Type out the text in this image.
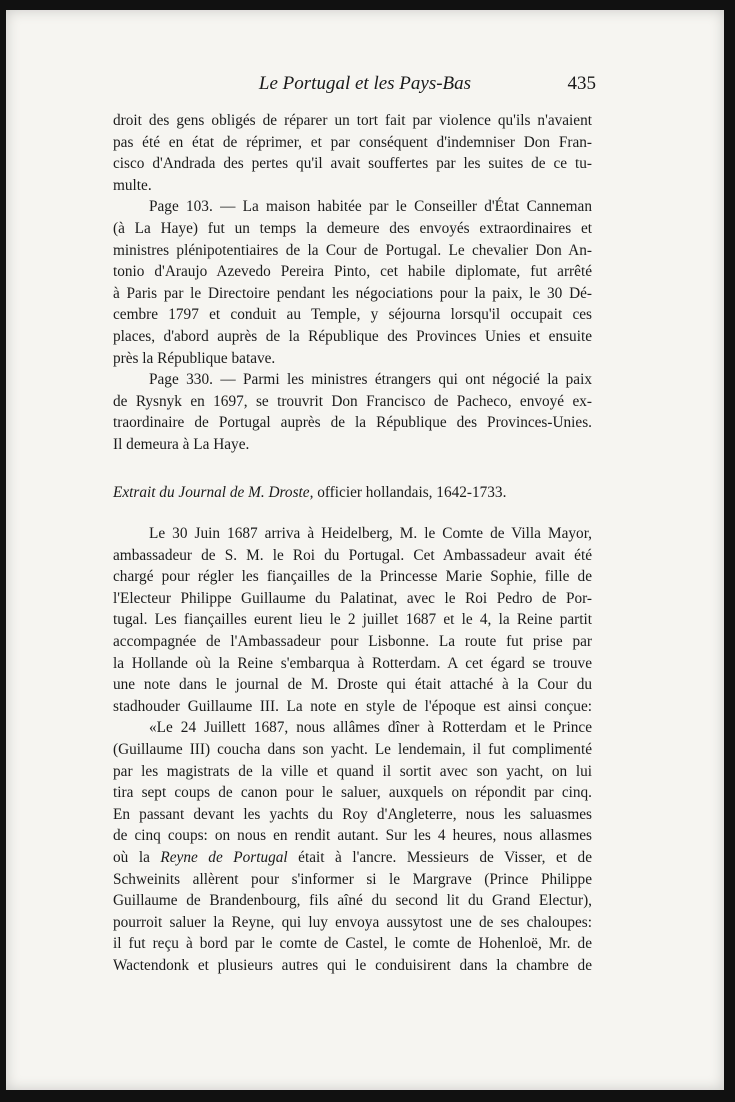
Le Portugal et les Pays-Bas	435

droit des gens obligés de réparer un tort fait par violence qu'ils n'avaient
pas été en état de réprimer, et par conséquent d'indemniser Don Fran-
cisco d'Andrada des pertes qu'il avait souffertes par les suites de ce tu-
multe.

Page 103. — La maison habitée par le Conseiller d'État Canneman
(à La Haye) fut un temps la demeure des envoyés extraordinaires et
ministres plénipotentiaires de la Cour de Portugal. Le chevalier Don An-
tonio d'Araujo Azevedo Pereira Pinto, cet habile diplomate, fut arrêté
à Paris par le Directoire pendant les négociations pour la paix, le 30 Dé-
cembre 1797 et conduit au Temple, y séjourna lorsqu'il occupait ces
places, d'abord auprès de la République des Provinces Unies et ensuite
près la République batave.

Page 330. — Parmi les ministres étrangers qui ont négocié la paix
de Rysnyk en 1697, se trouvrit Don Francisco de Pacheco, envoyé ex-
traordinaire de Portugal auprès de la République des Provinces-Unies.
Il demeura à La Haye.

Extrait du Journal de M. Droste, officier hollandais, 1642-1733.

Le 30 Juin 1687 arriva à Heidelberg, M. le Comte de Villa Mayor,
ambassadeur de S. M. le Roi du Portugal. Cet Ambassadeur avait été
chargé pour régler les fiançailles de la Princesse Marie Sophie, fille de
l'Electeur Philippe Guillaume du Palatinat, avec le Roi Pedro de Por-
tugal. Les fiançailles eurent lieu le 2 juillet 1687 et le 4, la Reine partit
accompagnée de l'Ambassadeur pour Lisbonne. La route fut prise par
la Hollande où la Reine s'embarqua à Rotterdam. A cet égard se trouve
une note dans le journal de M. Droste qui était attaché à la Cour du
stadhouder Guillaume III. La note en style de l'époque est ainsi conçue:

«Le 24 Juillett 1687, nous allâmes dîner à Rotterdam et le Prince
(Guillaume III) coucha dans son yacht. Le lendemain, il fut complimenté
par les magistrats de la ville et quand il sortit avec son yacht, on lui
tira sept coups de canon pour le saluer, auxquels on répondit par cinq.
En passant devant les yachts du Roy d'Angleterre, nous les saluasmes
de cinq coups: on nous en rendit autant. Sur les 4 heures, nous allasmes
où la Reyne de Portugal était à l'ancre. Messieurs de Visser, et de
Schweinits allèrent pour s'informer si le Margrave (Prince Philippe
Guillaume de Brandenbourg, fils aîné du second lit du Grand Electur),
pourroit saluer la Reyne, qui luy envoya aussytost une de ses chaloupes:
il fut reçu à bord par le comte de Castel, le comte de Hohenloë, Mr. de
Wactendonk et plusieurs autres qui le conduisirent dans la chambre de
